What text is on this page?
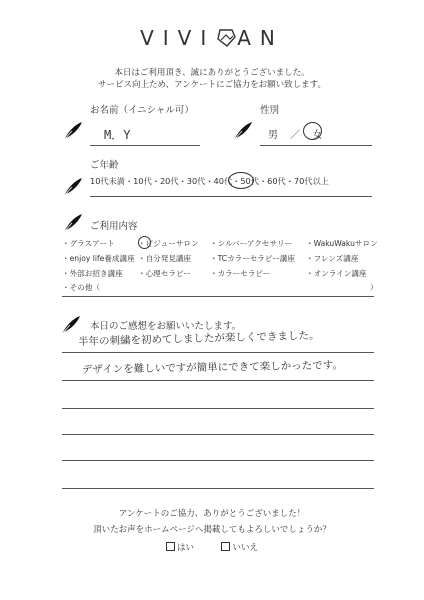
VIVI AN
本日はご利用頂き、誠にありがとうございました。
サービス向上ため、アンケートにご協力をお願い致します。
お名前（イニシャル可）
M．Y
性別
男 ／ 女
ご年齢
10代未満・10代・20代・30代・40代・50代・60代・70代以上
ご利用内容
・グラスアート	・ビジューサロン ・シルバーアクセサリー ・WakuWakuサロン
・enjoy life養成講座 ・自分発見講座 ・TCカラーセラピー講座 ・フレンズ講座
・外部お招き講座 ・心理セラピー	・カラーセラピー	・オンライン講座
・その他（	）
本日のご感想をお願いいたします。
半年の刺繍を初めてしましたが楽しくできました。
デザインを難しいですが簡単にできて楽しかったです。
アンケートのご協力、ありがとうございました！
頂いたお声をホームページへ掲載してもよろしいでしょうか？
はい	いいえ
